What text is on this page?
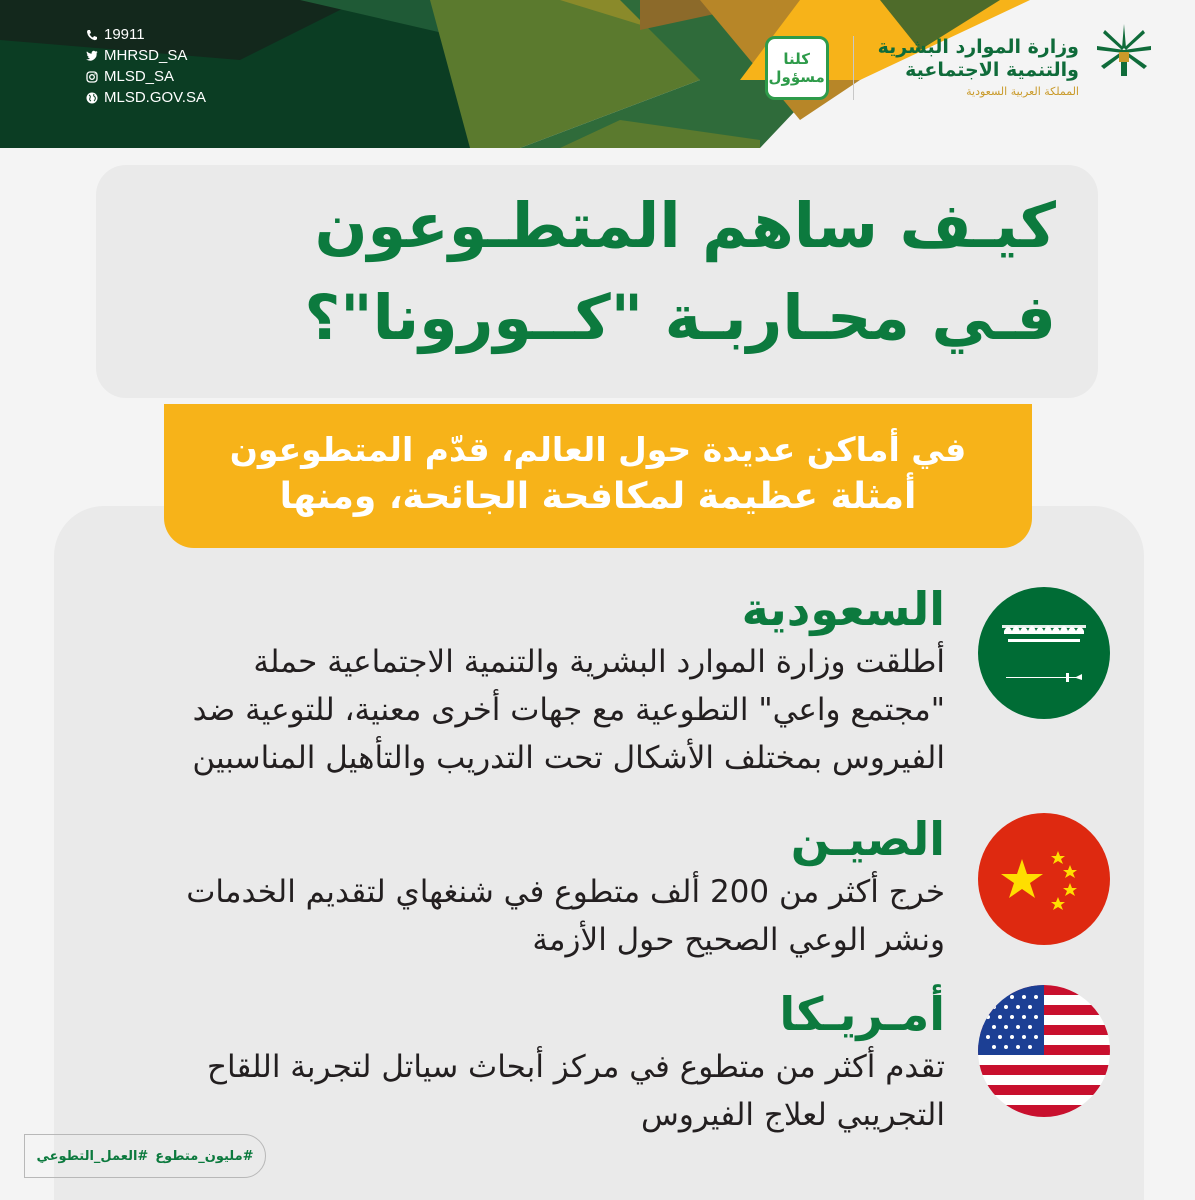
19911
MHRSD_SA
MLSD_SA
MLSD.GOV.SA
وزارة الموارد البشرية
والتنمية الاجتماعية
المملكة العربية السعودية
كلنا
مسؤول
كيـف ساهم المتطـوعون
فـي محـاربـة "كــورونا"؟
في أماكن عديدة حول العالم، قدّم المتطوعون
أمثلة عظيمة لمكافحة الجائحة، ومنها
السعودية
أطلقت وزارة الموارد البشرية والتنمية الاجتماعية حملة
"مجتمع واعي" التطوعية مع جهات أخرى معنية، للتوعية ضد
الفيروس بمختلف الأشكال تحت التدريب والتأهيل المناسبين
الصيـن
خرج أكثر من 200 ألف متطوع في شنغهاي لتقديم الخدمات
ونشر الوعي الصحيح حول الأزمة
أمـريـكا
تقدم أكثر من متطوع في مركز أبحاث سياتل لتجربة اللقاح
التجريبي لعلاج الفيروس
#مليون_متطوع
#العمل_التطوعي
